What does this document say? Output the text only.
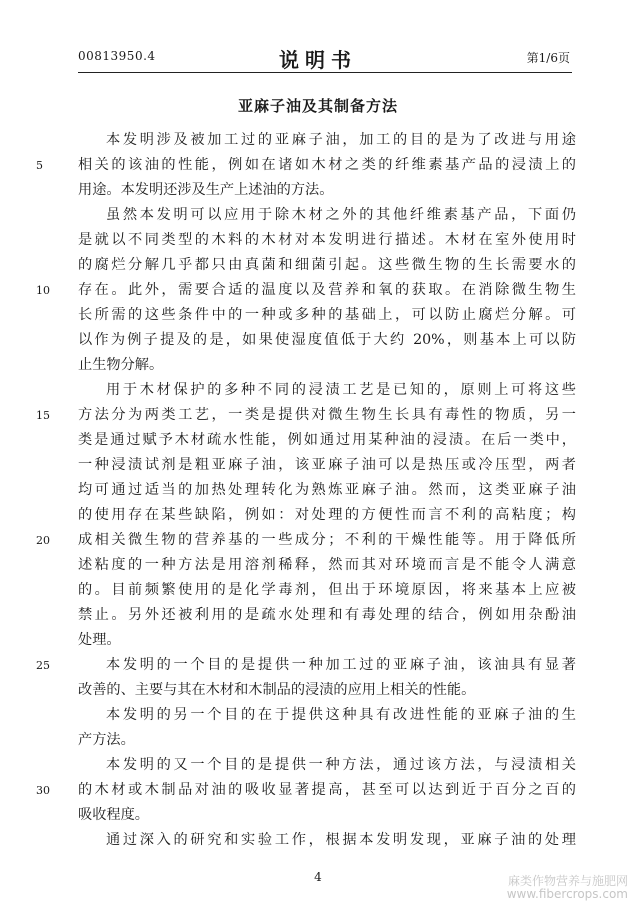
00813950.4	说明书	第1/6页
亚麻子油及其制备方法
本发明涉及被加工过的亚麻子油，加工的目的是为了改进与用途
相关的该油的性能，例如在诸如木材之类的纤维素基产品的浸渍上的
用途。本发明还涉及生产上述油的方法。
虽然本发明可以应用于除木材之外的其他纤维素基产品，下面仍
是就以不同类型的木料的木材对本发明进行描述。木材在室外使用时
的腐烂分解几乎都只由真菌和细菌引起。这些微生物的生长需要水的
存在。此外，需要合适的温度以及营养和氧的获取。在消除微生物生
长所需的这些条件中的一种或多种的基础上，可以防止腐烂分解。可
以作为例子提及的是，如果使湿度值低于大约 20%，则基本上可以防
止生物分解。
用于木材保护的多种不同的浸渍工艺是已知的，原则上可将这些
方法分为两类工艺，一类是提供对微生物生长具有毒性的物质，另一
类是通过赋予木材疏水性能，例如通过用某种油的浸渍。在后一类中，
一种浸渍试剂是粗亚麻子油，该亚麻子油可以是热压或冷压型，两者
均可通过适当的加热处理转化为熟炼亚麻子油。然而，这类亚麻子油
的使用存在某些缺陷，例如：对处理的方便性而言不利的高粘度；构
成相关微生物的营养基的一些成分；不利的干燥性能等。用于降低所
述粘度的一种方法是用溶剂稀释，然而其对环境而言是不能令人满意
的。目前频繁使用的是化学毒剂，但出于环境原因，将来基本上应被
禁止。另外还被利用的是疏水处理和有毒处理的结合，例如用杂酚油
处理。
本发明的一个目的是提供一种加工过的亚麻子油，该油具有显著
改善的、主要与其在木材和木制品的浸渍的应用上相关的性能。
本发明的另一个目的在于提供这种具有改进性能的亚麻子油的生
产方法。
本发明的又一个目的是提供一种方法，通过该方法，与浸渍相关
的木材或木制品对油的吸收显著提高，甚至可以达到近于百分之百的
吸收程度。
通过深入的研究和实验工作，根据本发明发现，亚麻子油的处理
5
10
15
20
25
30
4	麻类作物营养与施肥网
www.fibercrops.com
